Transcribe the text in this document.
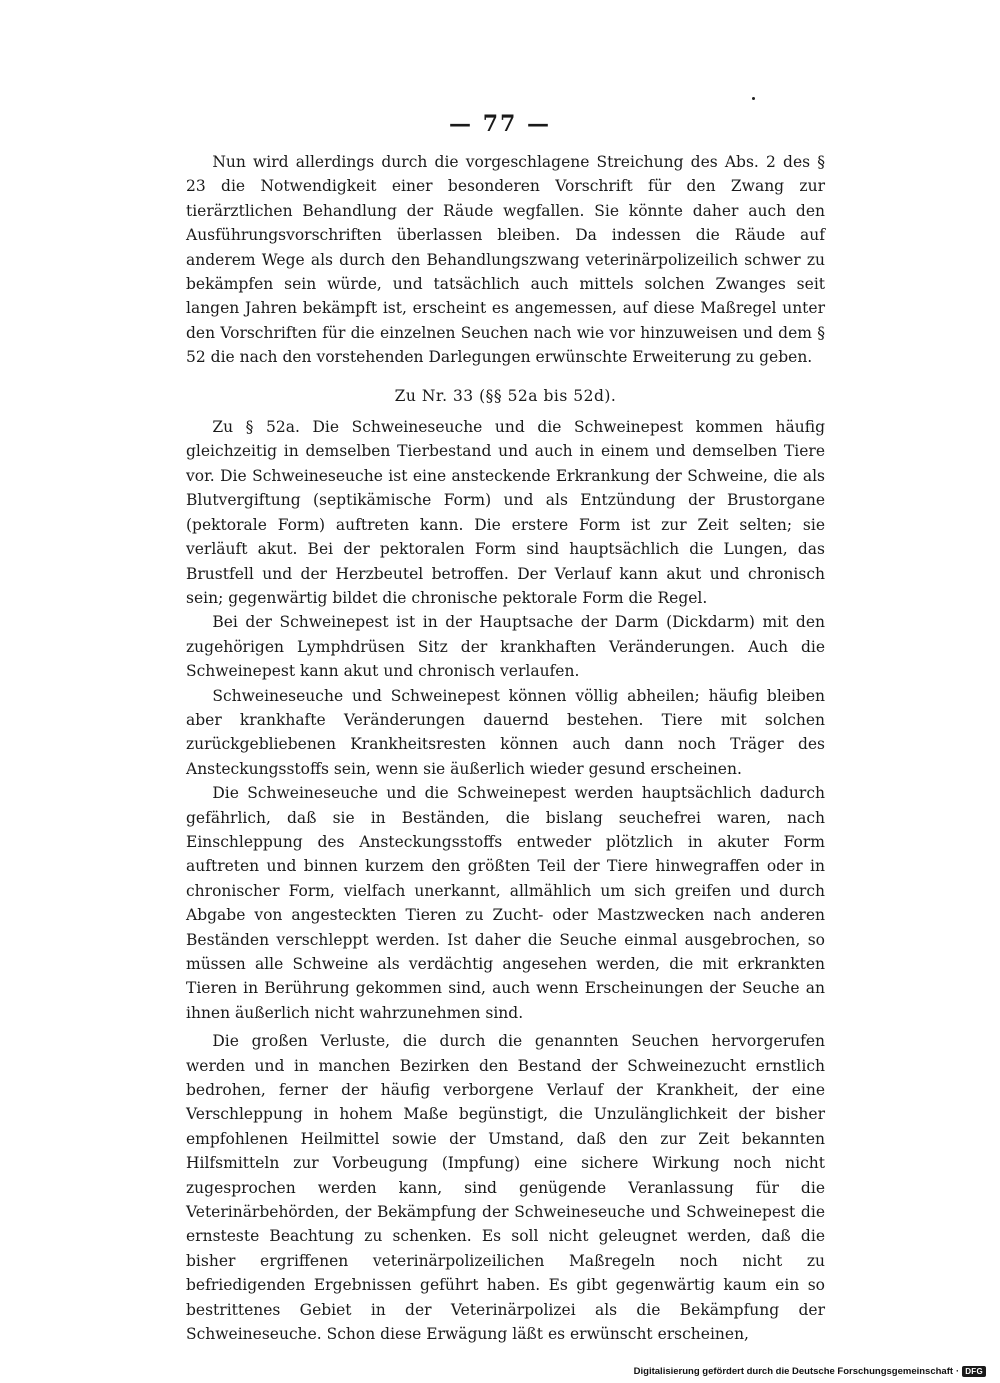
— 77 —

Nun wird allerdings durch die vorgeschlagene Streichung des Abs. 2 des § 23 die Notwendigkeit einer besonderen Vorschrift für den Zwang zur tierärztlichen Behandlung der Räude wegfallen. Sie könnte daher auch den Ausführungsvorschriften überlassen bleiben. Da indessen die Räude auf anderem Wege als durch den Behandlungszwang veterinärpolizeilich schwer zu bekämpfen sein würde, und tatsächlich auch mittels solchen Zwanges seit langen Jahren bekämpft ist, erscheint es angemessen, auf diese Maßregel unter den Vorschriften für die einzelnen Seuchen nach wie vor hinzuweisen und dem § 52 die nach den vorstehenden Darlegungen erwünschte Erweiterung zu geben.

Zu Nr. 33 (§§ 52a bis 52d).

Zu § 52a. Die Schweineseuche und die Schweinepest kommen häufig gleichzeitig in demselben Tierbestand und auch in einem und demselben Tiere vor. Die Schweineseuche ist eine ansteckende Erkrankung der Schweine, die als Blutvergiftung (septikämische Form) und als Entzündung der Brustorgane (pektorale Form) auftreten kann. Die erstere Form ist zur Zeit selten; sie verläuft akut. Bei der pektoralen Form sind hauptsächlich die Lungen, das Brustfell und der Herzbeutel betroffen. Der Verlauf kann akut und chronisch sein; gegenwärtig bildet die chronische pektorale Form die Regel.

Bei der Schweinepest ist in der Hauptsache der Darm (Dickdarm) mit den zugehörigen Lymphdrüsen Sitz der krankhaften Veränderungen. Auch die Schweinepest kann akut und chronisch verlaufen.

Schweineseuche und Schweinepest können völlig abheilen; häufig bleiben aber krankhafte Veränderungen dauernd bestehen. Tiere mit solchen zurückgebliebenen Krankheitsresten können auch dann noch Träger des Ansteckungsstoffs sein, wenn sie äußerlich wieder gesund erscheinen.

Die Schweineseuche und die Schweinepest werden hauptsächlich dadurch gefährlich, daß sie in Beständen, die bislang seuchefrei waren, nach Einschleppung des Ansteckungsstoffs entweder plötzlich in akuter Form auftreten und binnen kurzem den größten Teil der Tiere hinwegraffen oder in chronischer Form, vielfach unerkannt, allmählich um sich greifen und durch Abgabe von angesteckten Tieren zu Zucht- oder Mastzwecken nach anderen Beständen verschleppt werden. Ist daher die Seuche einmal ausgebrochen, so müssen alle Schweine als verdächtig angesehen werden, die mit erkrankten Tieren in Berührung gekommen sind, auch wenn Erscheinungen der Seuche an ihnen äußerlich nicht wahrzunehmen sind.

Die großen Verluste, die durch die genannten Seuchen hervorgerufen werden und in manchen Bezirken den Bestand der Schweinezucht ernstlich bedrohen, ferner der häufig verborgene Verlauf der Krankheit, der eine Verschleppung in hohem Maße begünstigt, die Unzulänglichkeit der bisher empfohlenen Heilmittel sowie der Umstand, daß den zur Zeit bekannten Hilfsmitteln zur Vorbeugung (Impfung) eine sichere Wirkung noch nicht zugesprochen werden kann, sind genügende Veranlassung für die Veterinärbehörden, der Bekämpfung der Schweineseuche und Schweinepest die ernsteste Beachtung zu schenken. Es soll nicht geleugnet werden, daß die bisher ergriffenen veterinärpolizeilichen Maßregeln noch nicht zu befriedigenden Ergebnissen geführt haben. Es gibt gegenwärtig kaum ein so bestrittenes Gebiet in der Veterinärpolizei als die Bekämpfung der Schweineseuche. Schon diese Erwägung läßt es erwünscht erscheinen,

Digitalisierung gefördert durch die Deutsche Forschungsgemeinschaft · DFG
